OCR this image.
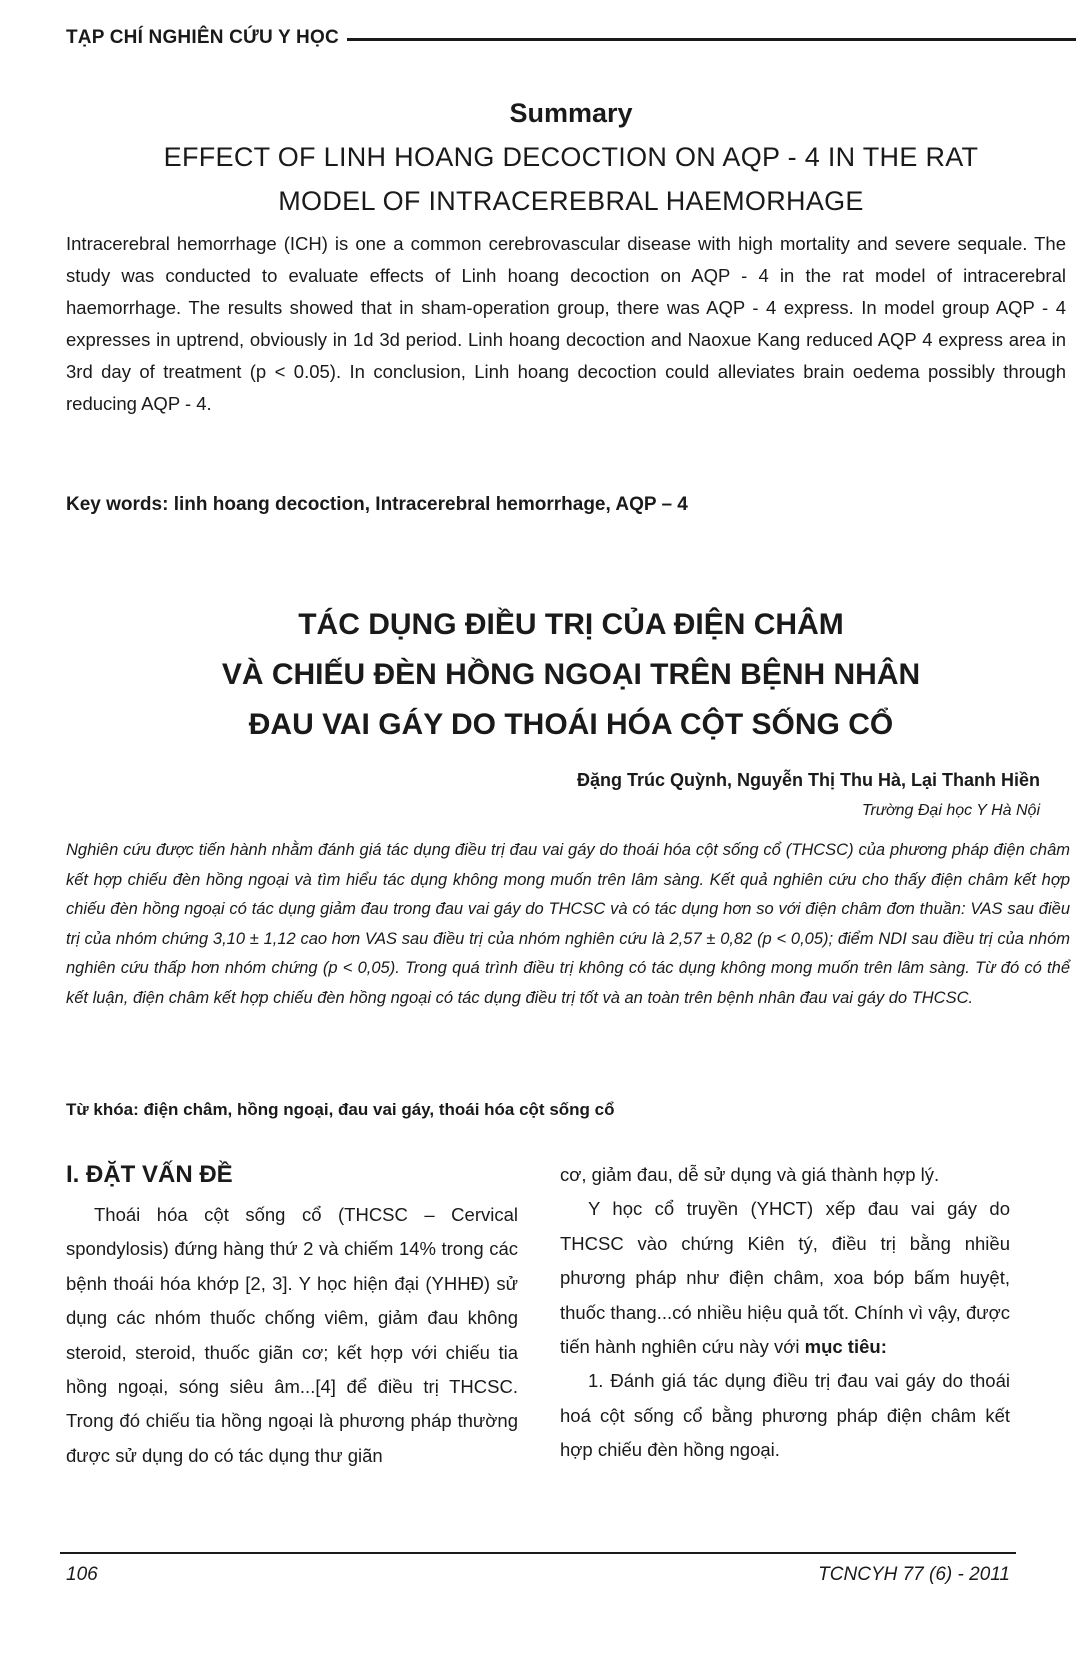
TẠP CHÍ NGHIÊN CỨU Y HỌC

Summary

EFFECT OF LINH HOANG DECOCTION ON AQP - 4 IN THE RAT
MODEL OF INTRACEREBRAL HAEMORHAGE

Intracerebral hemorrhage (ICH) is one a common cerebrovascular disease with high mortality and severe sequale. The study was conducted to evaluate effects of Linh hoang decoction on AQP - 4 in the rat model of intracerebral haemorrhage. The results showed that in sham-operation group, there was AQP - 4 express. In model group AQP - 4 expresses in uptrend, obviously in 1d 3d period. Linh hoang decoction and Naoxue Kang reduced AQP 4 express area in 3rd day of treatment (p < 0.05). In conclusion, Linh hoang decoction could alleviates brain oedema possibly through reducing AQP - 4.

Key words: linh hoang decoction, Intracerebral hemorrhage, AQP – 4

TÁC DỤNG ĐIỀU TRỊ CỦA ĐIỆN CHÂM
VÀ CHIẾU ĐÈN HỒNG NGOẠI TRÊN BỆNH NHÂN
ĐAU VAI GÁY DO THOÁI HÓA CỘT SỐNG CỔ

Đặng Trúc Quỳnh, Nguyễn Thị Thu Hà, Lại Thanh Hiền

Trường Đại học Y Hà Nội

Nghiên cứu được tiến hành nhằm đánh giá tác dụng điều trị đau vai gáy do thoái hóa cột sống cổ (THCSC) của phương pháp điện châm kết hợp chiếu đèn hồng ngoại và tìm hiểu tác dụng không mong muốn trên lâm sàng. Kết quả nghiên cứu cho thấy điện châm kết hợp chiếu đèn hồng ngoại có tác dụng giảm đau trong đau vai gáy do THCSC và có tác dụng hơn so với điện châm đơn thuần: VAS sau điều trị của nhóm chứng 3,10 ± 1,12 cao hơn VAS sau điều trị của nhóm nghiên cứu là 2,57 ± 0,82 (p < 0,05); điểm NDI sau điều trị của nhóm nghiên cứu thấp hơn nhóm chứng (p < 0,05). Trong quá trình điều trị không có tác dụng không mong muốn trên lâm sàng. Từ đó có thể kết luận, điện châm kết hợp chiếu đèn hồng ngoại có tác dụng điều trị tốt và an toàn trên bệnh nhân đau vai gáy do THCSC.

Từ khóa: điện châm, hồng ngoại, đau vai gáy, thoái hóa cột sống cổ

I. ĐẶT VẤN ĐỀ

Thoái hóa cột sống cổ (THCSC – Cervical spondylosis) đứng hàng thứ 2 và chiếm 14% trong các bệnh thoái hóa khớp [2, 3]. Y học hiện đại (YHHĐ) sử dụng các nhóm thuốc chống viêm, giảm đau không steroid, steroid, thuốc giãn cơ; kết hợp với chiếu tia hồng ngoại, sóng siêu âm...[4] để điều trị THCSC. Trong đó chiếu tia hồng ngoại là phương pháp thường được sử dụng do có tác dụng thư giãn

cơ, giảm đau, dễ sử dụng và giá thành hợp lý.

Y học cổ truyền (YHCT) xếp đau vai gáy do THCSC vào chứng Kiên tý, điều trị bằng nhiều phương pháp như điện châm, xoa bóp bấm huyệt, thuốc thang...có nhiều hiệu quả tốt. Chính vì vậy, được tiến hành nghiên cứu này với mục tiêu:

1. Đánh giá tác dụng điều trị đau vai gáy do thoái hoá cột sống cổ bằng phương pháp điện châm kết hợp chiếu đèn hồng ngoại.

106	TCNCYH 77 (6) - 2011
